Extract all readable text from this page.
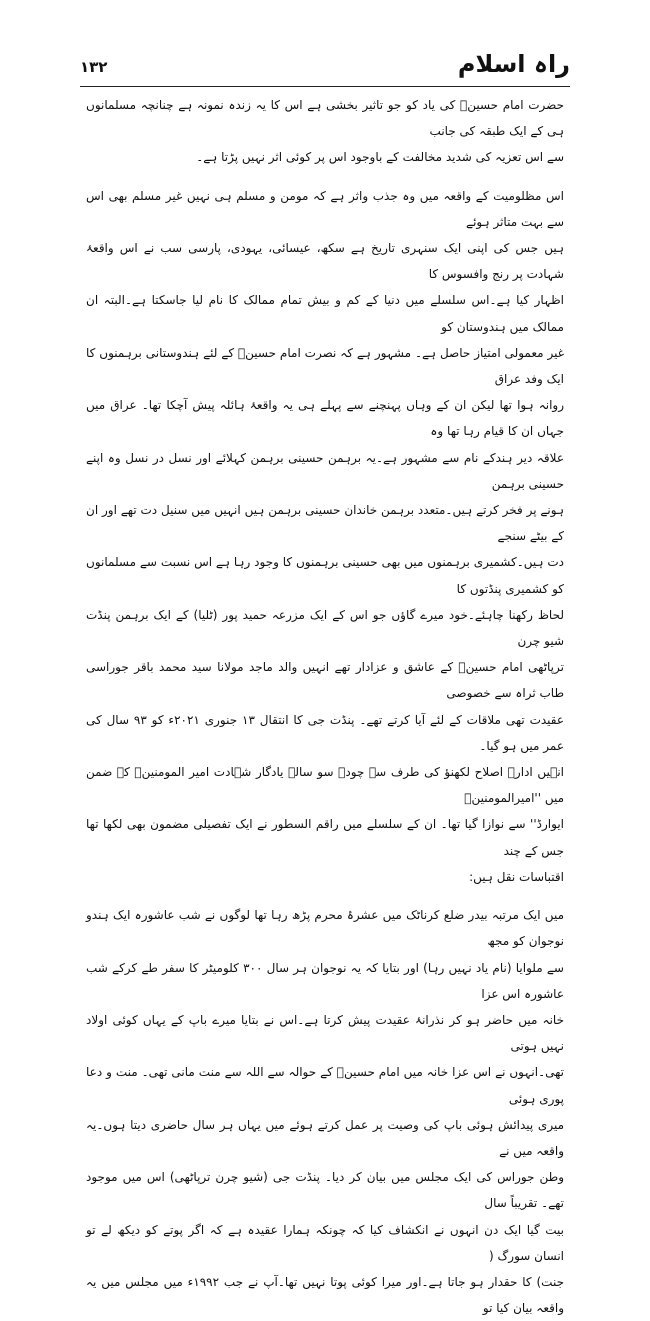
راہ اسلام
۱۳۲

حضرت امام حسینؑ کی یاد کو جو تاثیر بخشی ہے اس کا یہ زندہ نمونہ ہے چنانچہ مسلمانوں ہی کے ایک طبقہ کی جانب

سے اس تعزیہ کی شدید مخالفت کے باوجود اس پر کوئی اثر نہیں پڑتا ہے۔

اس مظلومیت کے واقعہ میں وہ جذب واثر ہے کہ مومن و مسلم ہی نہیں غیر مسلم بھی اس سے بہت متاثر ہوئے

ہیں جس کی اپنی ایک سنہری تاریخ ہے سکھ، عیسائی، یہودی، پارسی سب نے اس واقعۂ شہادت پر رنج وافسوس کا

اظہار کیا ہے۔اس سلسلے میں دنیا کے کم و بیش تمام ممالک کا نام لیا جاسکتا ہے۔البتہ ان ممالک میں ہندوستان کو

غیر معمولی امتیاز حاصل ہے۔ مشہور ہے کہ نصرت امام حسینؑ کے لئے ہندوستانی برہمنوں کا ایک وفد عراق

روانہ ہوا تھا لیکن ان کے وہاں پہنچنے سے پہلے ہی یہ واقعۂ ہائلہ پیش آچکا تھا۔ عراق میں جہاں ان کا قیام رہا تھا وہ

علاقہ دیر ہندکے نام سے مشہور ہے۔یہ برہمن حسینی برہمن کہلائے اور نسل در نسل وہ اپنے حسینی برہمن

ہونے پر فخر کرتے ہیں۔متعدد برہمن خاندان حسینی برہمن ہیں انہیں میں سنیل دت تھے اور ان کے بیٹے سنجے

دت ہیں۔کشمیری برہمنوں میں بھی حسینی برہمنوں کا وجود رہا ہے اس نسبت سے مسلمانوں کو کشمیری پنڈتوں کا

لحاظ رکھنا چاہئے۔خود میرے گاؤں جو اس کے ایک مزرعہ حمید پور (ٹلیا) کے ایک برہمن پنڈت شیو چرن

ترپاٹھی امام حسینؑ کے عاشق و عزادار تھے انہیں والد ماجد مولانا سید محمد باقر جوراسی طاب ثراہ سے خصوصی

عقیدت تھی ملاقات کے لئے آیا کرتے تھے۔ پنڈت جی کا انتقال ۱۳ جنوری ۲۰۲۱ء کو ۹۳ سال کی عمر میں ہو گیا۔

انہیں ادارۂ اصلاح لکھنؤ کی طرف سے چودہ سو سالہ یادگار شہادت امیر المومنینؑ کے ضمن میں ''امیرالمومنینؑ

ایوارڈ'' سے نوازا گیا تھا۔ ان کے سلسلے میں راقم السطور نے ایک تفصیلی مضمون بھی لکھا تھا جس کے چند

اقتباسات نقل ہیں:

میں ایک مرتبہ بیدر ضلع کرناٹک میں عشرۂ محرم پڑھ رہا تھا لوگوں نے شب عاشورہ ایک ہندو نوجوان کو مجھ

سے ملوایا (نام یاد نہیں رہا) اور بتایا کہ یہ نوجوان ہر سال ۳۰۰ کلومیٹر کا سفر طے کرکے شب عاشورہ اس عزا

خانہ میں حاضر ہو کر نذرانۂ عقیدت پیش کرتا ہے۔اس نے بتایا میرے باپ کے یہاں کوئی اولاد نہیں ہوتی

تھی۔انہوں نے اس عزا خانہ میں امام حسینؑ کے حوالہ سے اللہ سے منت مانی تھی۔ منت و دعا پوری ہوئی

میری پیدائش ہوئی باپ کی وصیت پر عمل کرتے ہوئے میں یہاں ہر سال حاضری دیتا ہوں۔یہ واقعہ میں نے

وطن جوراس کی ایک مجلس میں بیان کر دیا۔ پنڈت جی (شیو چرن ترپاٹھی) اس میں موجود تھے۔ تقریباً سال

بیت گیا ایک دن انہوں نے انکشاف کیا کہ چونکہ ہمارا عقیدہ ہے کہ اگر پوتے کو دیکھ لے تو انسان سورگ (

جنت) کا حقدار ہو جاتا ہے۔اور میرا کوئی پوتا نہیں تھا۔آپ نے جب ۱۹۹۲ء میں مجلس میں یہ واقعہ بیان کیا تو
